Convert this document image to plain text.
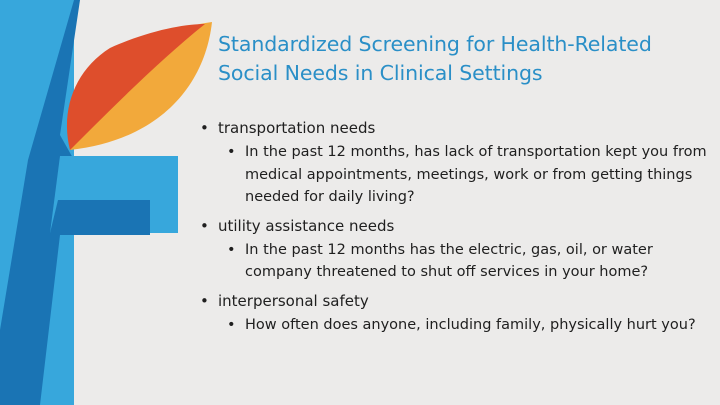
Standardized Screening for Health-Related Social Needs in Clinical Settings
• transportation needs
• In the past 12 months, has lack of transportation kept you from medical appointments, meetings, work or from getting things needed for daily living?
• utility assistance needs
• In the past 12 months has the electric, gas, oil, or water company threatened to shut off services in your home?
• interpersonal safety
• How often does anyone, including family, physically hurt you?
